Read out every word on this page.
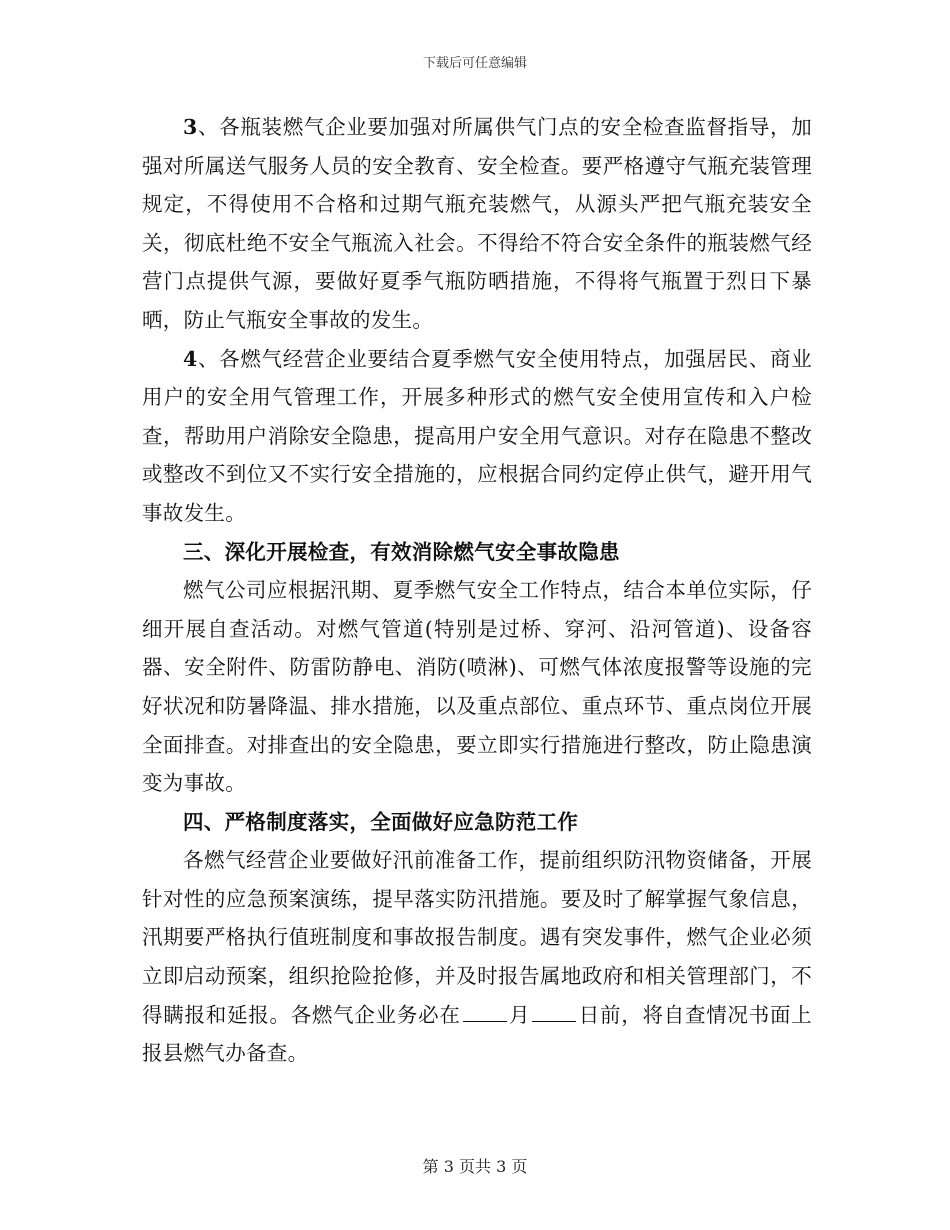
下载后可任意编辑

3、各瓶装燃气企业要加强对所属供气门点的安全检查监督指导，加强对所属送气服务人员的安全教育、安全检查。要严格遵守气瓶充装管理规定，不得使用不合格和过期气瓶充装燃气，从源头严把气瓶充装安全关，彻底杜绝不安全气瓶流入社会。不得给不符合安全条件的瓶装燃气经营门点提供气源，要做好夏季气瓶防晒措施，不得将气瓶置于烈日下暴晒，防止气瓶安全事故的发生。

4、各燃气经营企业要结合夏季燃气安全使用特点，加强居民、商业用户的安全用气管理工作，开展多种形式的燃气安全使用宣传和入户检查，帮助用户消除安全隐患，提高用户安全用气意识。对存在隐患不整改或整改不到位又不实行安全措施的，应根据合同约定停止供气，避开用气事故发生。

三、深化开展检查，有效消除燃气安全事故隐患

燃气公司应根据汛期、夏季燃气安全工作特点，结合本单位实际，仔细开展自查活动。对燃气管道(特别是过桥、穿河、沿河管道)、设备容器、安全附件、防雷防静电、消防(喷淋)、可燃气体浓度报警等设施的完好状况和防暑降温、排水措施，以及重点部位、重点环节、重点岗位开展全面排查。对排查出的安全隐患，要立即实行措施进行整改，防止隐患演变为事故。

四、严格制度落实，全面做好应急防范工作

各燃气经营企业要做好汛前准备工作，提前组织防汛物资储备，开展针对性的应急预案演练，提早落实防汛措施。要及时了解掌握气象信息，汛期要严格执行值班制度和事故报告制度。遇有突发事件，燃气企业必须立即启动预案，组织抢险抢修，并及时报告属地政府和相关管理部门，不得瞒报和延报。各燃气企业务必在 月 日前，将自查情况书面上报县燃气办备查。

第 3 页共 3 页
